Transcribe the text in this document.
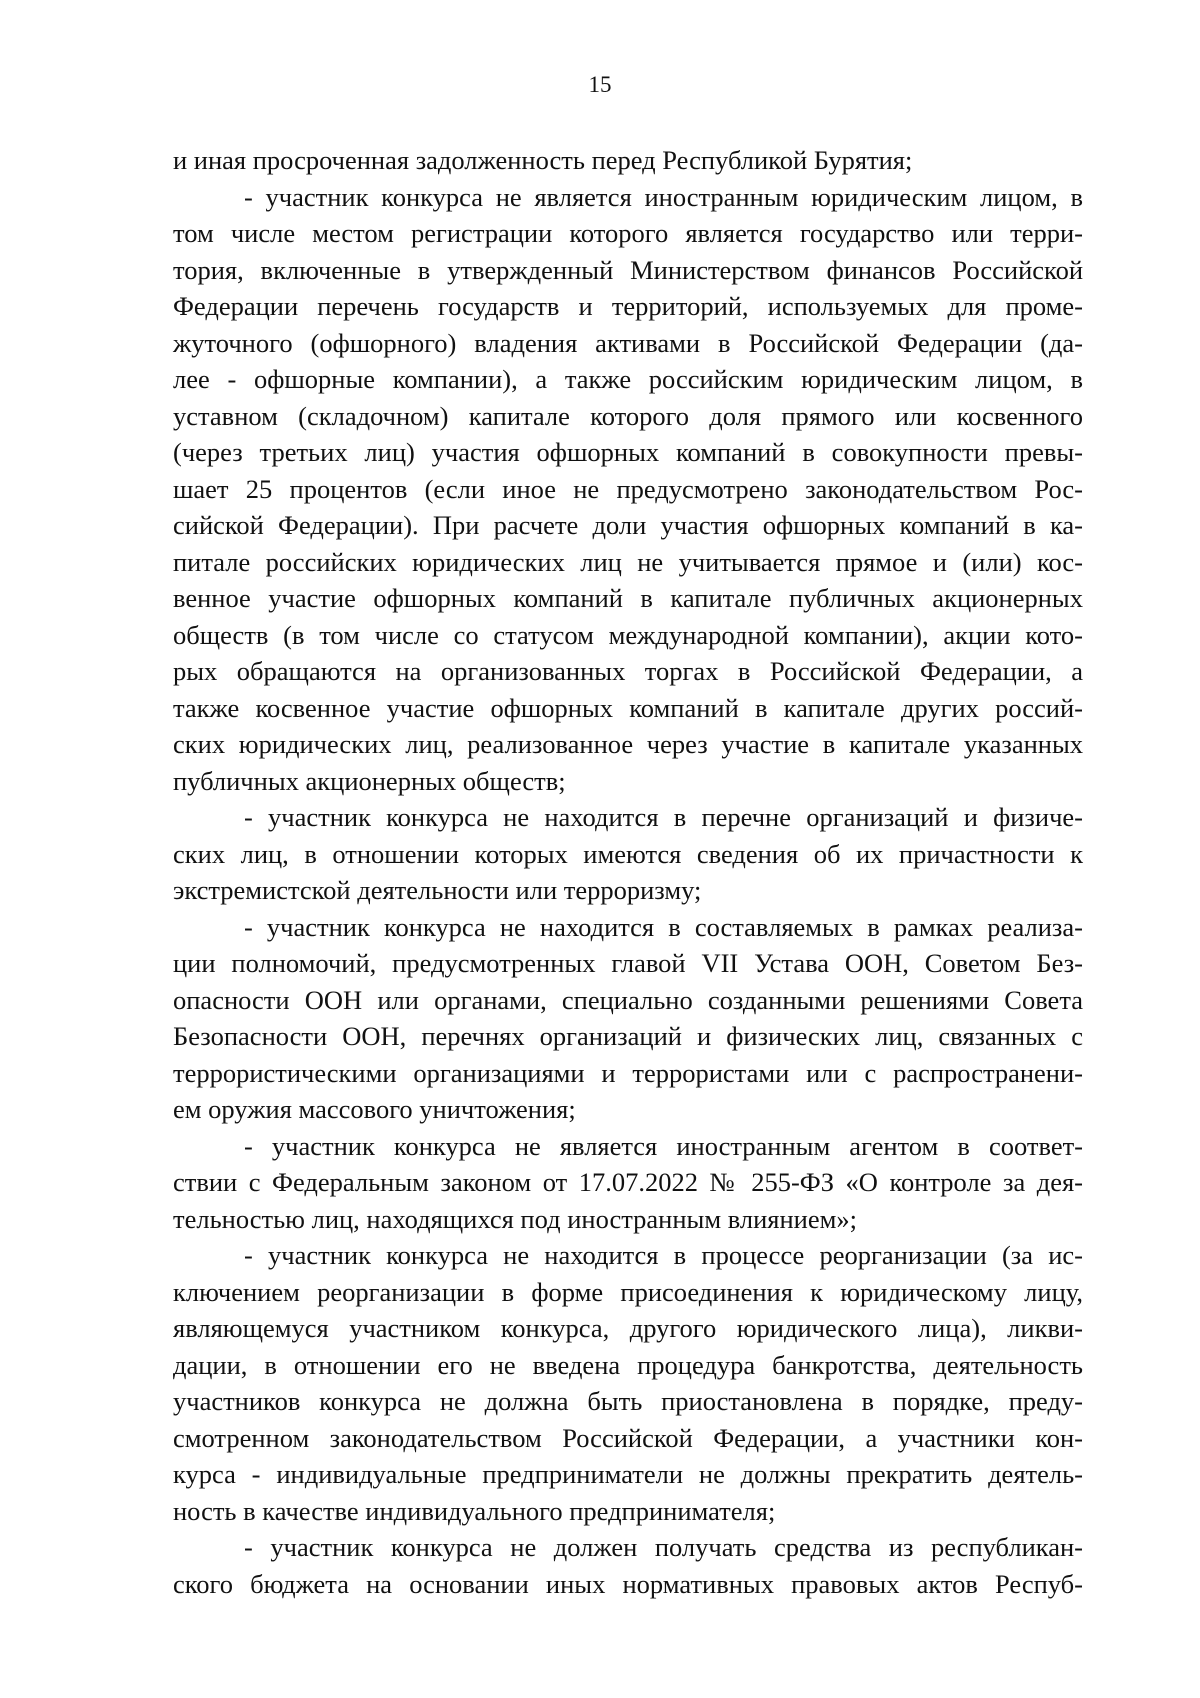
15
и иная просроченная задолженность перед Республикой Бурятия;
- участник конкурса не является иностранным юридическим лицом, в
том числе местом регистрации которого является государство или терри-
тория, включенные в утвержденный Министерством финансов Российской
Федерации перечень государств и территорий, используемых для проме-
жуточного (офшорного) владения активами в Российской Федерации (да-
лее - офшорные компании), а также российским юридическим лицом, в
уставном (складочном) капитале которого доля прямого или косвенного
(через третьих лиц) участия офшорных компаний в совокупности превы-
шает 25 процентов (если иное не предусмотрено законодательством Рос-
сийской Федерации). При расчете доли участия офшорных компаний в ка-
питале российских юридических лиц не учитывается прямое и (или) кос-
венное участие офшорных компаний в капитале публичных акционерных
обществ (в том числе со статусом международной компании), акции кото-
рых обращаются на организованных торгах в Российской Федерации, а
также косвенное участие офшорных компаний в капитале других россий-
ских юридических лиц, реализованное через участие в капитале указанных
публичных акционерных обществ;
- участник конкурса не находится в перечне организаций и физиче-
ских лиц, в отношении которых имеются сведения об их причастности к
экстремистской деятельности или терроризму;
- участник конкурса не находится в составляемых в рамках реализа-
ции полномочий, предусмотренных главой VII Устава ООН, Советом Без-
опасности ООН или органами, специально созданными решениями Совета
Безопасности ООН, перечнях организаций и физических лиц, связанных с
террористическими организациями и террористами или с распространени-
ем оружия массового уничтожения;
- участник конкурса не является иностранным агентом в соответ-
ствии с Федеральным законом от 17.07.2022 № 255-ФЗ «О контроле за дея-
тельностью лиц, находящихся под иностранным влиянием»;
- участник конкурса не находится в процессе реорганизации (за ис-
ключением реорганизации в форме присоединения к юридическому лицу,
являющемуся участником конкурса, другого юридического лица), ликви-
дации, в отношении его не введена процедура банкротства, деятельность
участников конкурса не должна быть приостановлена в порядке, преду-
смотренном законодательством Российской Федерации, а участники кон-
курса - индивидуальные предприниматели не должны прекратить деятель-
ность в качестве индивидуального предпринимателя;
- участник конкурса не должен получать средства из республикан-
ского бюджета на основании иных нормативных правовых актов Респуб-
